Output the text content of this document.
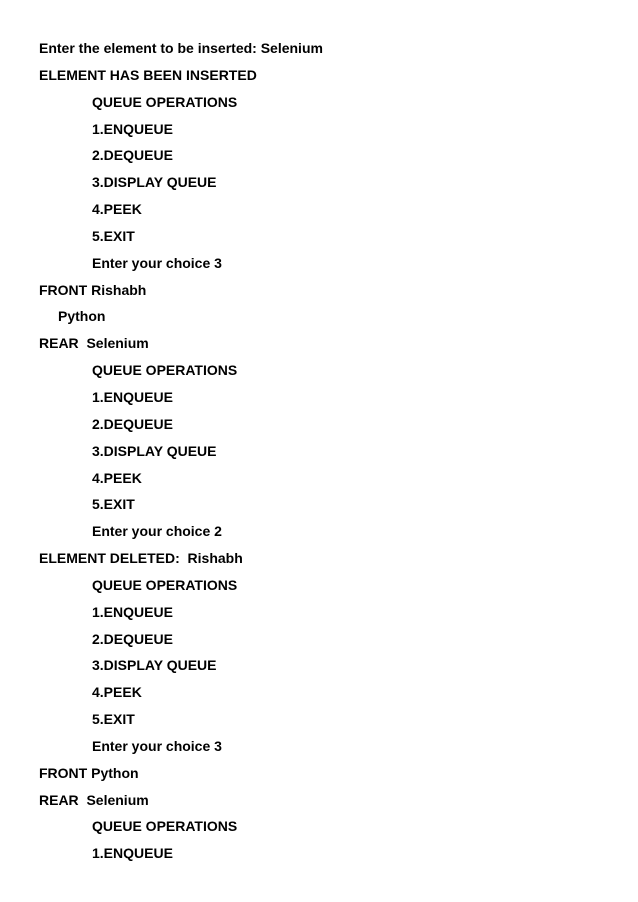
Enter the element to be inserted: Selenium
ELEMENT HAS BEEN INSERTED
QUEUE OPERATIONS
1.ENQUEUE
2.DEQUEUE
3.DISPLAY QUEUE
4.PEEK
5.EXIT
Enter your choice 3
FRONT Rishabh
Python
REAR  Selenium
QUEUE OPERATIONS
1.ENQUEUE
2.DEQUEUE
3.DISPLAY QUEUE
4.PEEK
5.EXIT
Enter your choice 2
ELEMENT DELETED:  Rishabh
QUEUE OPERATIONS
1.ENQUEUE
2.DEQUEUE
3.DISPLAY QUEUE
4.PEEK
5.EXIT
Enter your choice 3
FRONT Python
REAR  Selenium
QUEUE OPERATIONS
1.ENQUEUE
